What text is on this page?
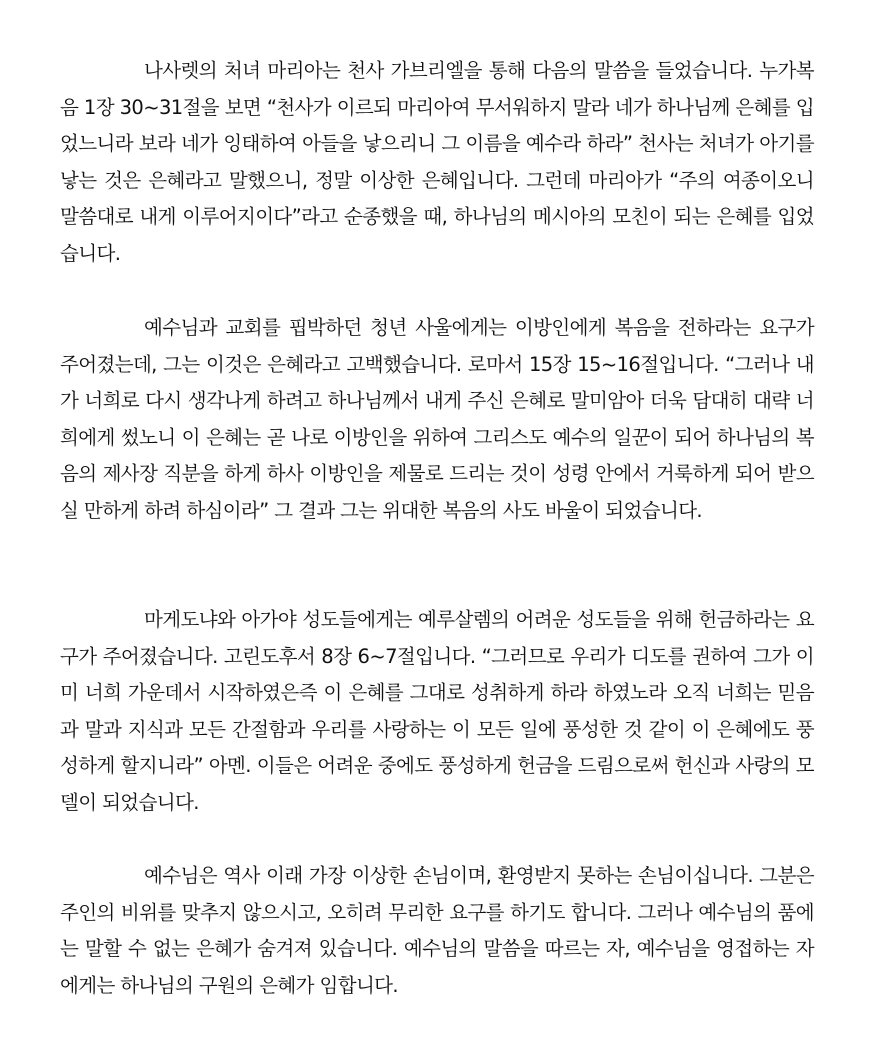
나사렛의 처녀 마리아는 천사 가브리엘을 통해 다음의 말씀을 들었습니다. 누가복음 1장 30~31절을 보면 “천사가 이르되 마리아여 무서워하지 말라 네가 하나님께 은혜를 입었느니라 보라 네가 잉태하여 아들을 낳으리니 그 이름을 예수라 하라” 천사는 처녀가 아기를 낳는 것은 은혜라고 말했으니, 정말 이상한 은혜입니다. 그런데 마리아가 “주의 여종이오니 말씀대로 내게 이루어지이다”라고 순종했을 때, 하나님의 메시아의 모친이 되는 은혜를 입었습니다.

예수님과 교회를 핍박하던 청년 사울에게는 이방인에게 복음을 전하라는 요구가 주어졌는데, 그는 이것은 은혜라고 고백했습니다. 로마서 15장 15~16절입니다. “그러나 내가 너희로 다시 생각나게 하려고 하나님께서 내게 주신 은혜로 말미암아 더욱 담대히 대략 너희에게 썼노니 이 은혜는 곧 나로 이방인을 위하여 그리스도 예수의 일꾼이 되어 하나님의 복음의 제사장 직분을 하게 하사 이방인을 제물로 드리는 것이 성령 안에서 거룩하게 되어 받으실 만하게 하려 하심이라” 그 결과 그는 위대한 복음의 사도 바울이 되었습니다.

마게도냐와 아가야 성도들에게는 예루살렘의 어려운 성도들을 위해 헌금하라는 요구가 주어졌습니다. 고린도후서 8장 6~7절입니다. “그러므로 우리가 디도를 권하여 그가 이미 너희 가운데서 시작하였은즉 이 은혜를 그대로 성취하게 하라 하였노라 오직 너희는 믿음과 말과 지식과 모든 간절함과 우리를 사랑하는 이 모든 일에 풍성한 것 같이 이 은혜에도 풍성하게 할지니라” 아멘. 이들은 어려운 중에도 풍성하게 헌금을 드림으로써 헌신과 사랑의 모델이 되었습니다.

예수님은 역사 이래 가장 이상한 손님이며, 환영받지 못하는 손님이십니다. 그분은 주인의 비위를 맞추지 않으시고, 오히려 무리한 요구를 하기도 합니다. 그러나 예수님의 품에는 말할 수 없는 은혜가 숨겨져 있습니다. 예수님의 말씀을 따르는 자, 예수님을 영접하는 자에게는 하나님의 구원의 은혜가 임합니다.
